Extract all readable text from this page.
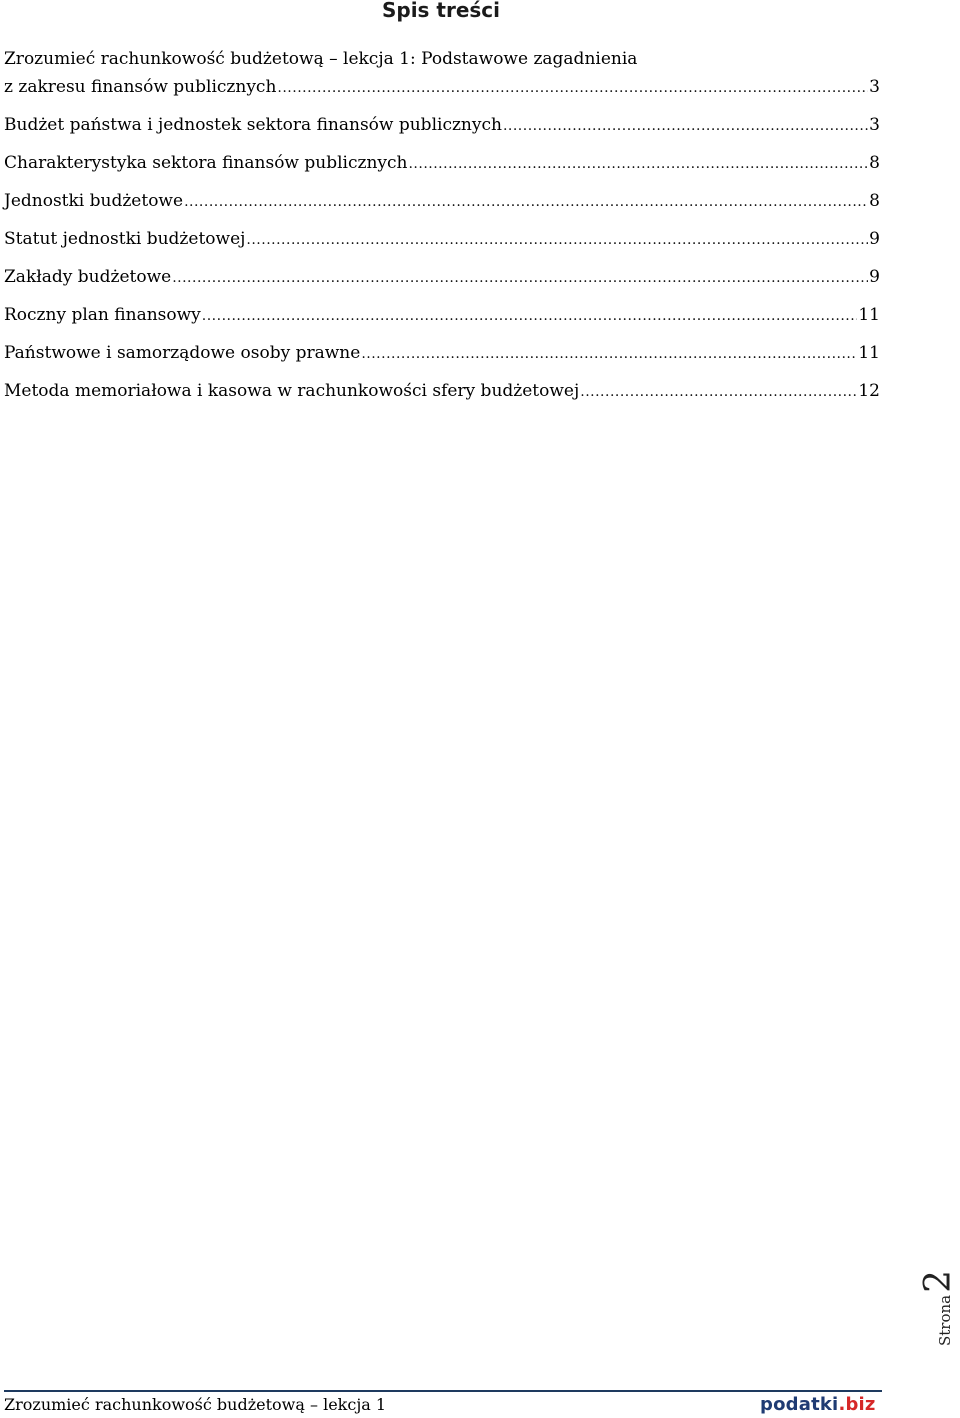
Spis treści
Zrozumieć rachunkowość budżetową – lekcja 1: Podstawowe zagadnienia
z zakresu finansów publicznych .....	3
Budżet państwa i jednostek sektora finansów publicznych .....	3
Charakterystyka sektora finansów publicznych .....	8
Jednostki budżetowe .....	8
Statut jednostki budżetowej .....	9
Zakłady budżetowe .....	9
Roczny plan finansowy .....	11
Państwowe i samorządowe osoby prawne .....	11
Metoda memoriałowa i kasowa w rachunkowości sfery budżetowej .....	12
Strona
2
Zrozumieć rachunkowość budżetową – lekcja 1	podatki.biz
